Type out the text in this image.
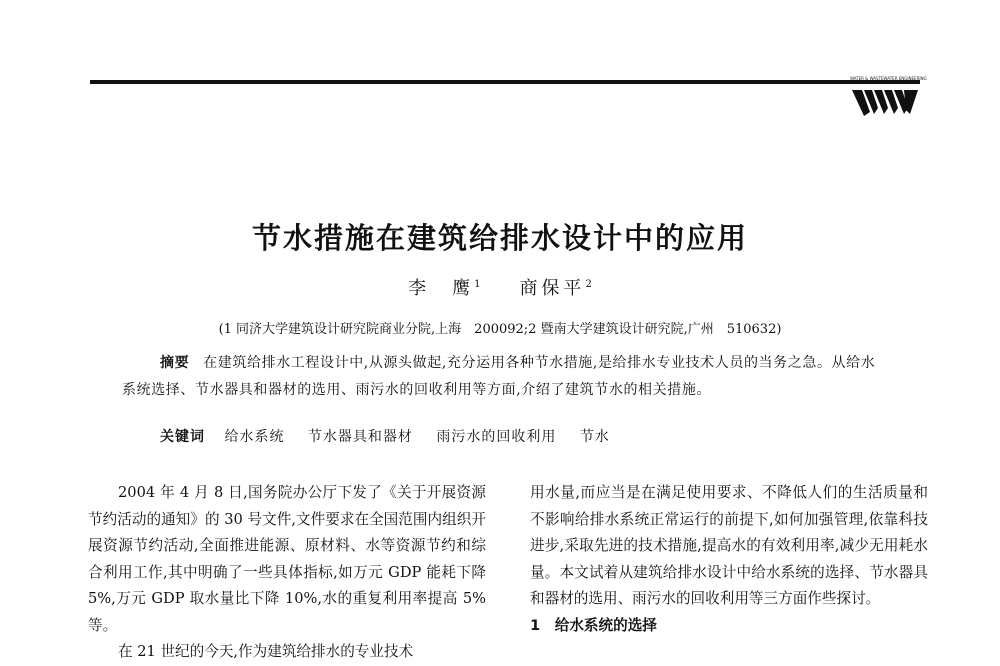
WATER & WASTEWATER ENGINEERING
节水措施在建筑给排水设计中的应用
李　鹰$^1$ 商保平$^2$
(1 同济大学建筑设计研究院商业分院,上海　200092;2 暨南大学建筑设计研究院,广州　510632)
摘要 在建筑给排水工程设计中,从源头做起,充分运用各种节水措施,是给排水专业技术人员的当务之急。从给水系统选择、节水器具和器材的选用、雨污水的回收利用等方面,介绍了建筑节水的相关措施。
关键词 给水系统 节水器具和器材 雨污水的回收利用 节水

2004 年 4 月 8 日,国务院办公厅下发了《关于开展资源节约活动的通知》的 30 号文件,文件要求在全国范围内组织开展资源节约活动,全面推进能源、原材料、水等资源节约和综合利用工作,其中明确了一些具体指标,如万元 GDP 能耗下降 5%,万元 GDP 取水量比下降 10%,水的重复利用率提高 5%等。

在 21 世纪的今天,作为建筑给排水的专业技术

用水量,而应当是在满足使用要求、不降低人们的生活质量和不影响给排水系统正常运行的前提下,如何加强管理,依靠科技进步,采取先进的技术措施,提高水的有效利用率,减少无用耗水量。本文试着从建筑给排水设计中给水系统的选择、节水器具和器材的选用、雨污水的回收利用等三方面作些探讨。

1　给水系统的选择
